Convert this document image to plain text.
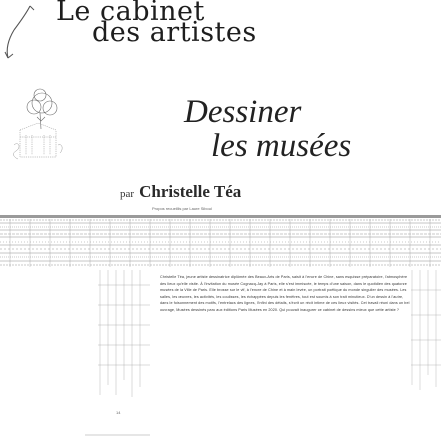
Le cabinet
des artistes
Dessiner
les musées
par Christelle Téa
Propos recueillis par Laure Siboul
Christelle Téa, jeune artiste dessinatrice diplômée des Beaux-Arts de Paris, saisit à l'encre de Chine, sans esquisse préparatoire, l'atmosphère des lieux qu'elle visite. À l'invitation du musée Cognacq-Jay à Paris, elle s'est immiscée, le temps d'une saison, dans le quotidien des quatorze musées de la Ville de Paris. Elle brosse sur le vif, à l'encre de Chine et à main levée, un portrait poétique du monde singulier des musées. Les salles, les œuvres, les activités, les coulisses, les échappées depuis les fenêtres, tout est soumis à son trait minutieux. D'un dessin à l'autre, dans le foisonnement des motifs, l'entrelacs des lignes, l'infini des détails, s'écrit un récit intime de ces lieux visités. Cet travail réuni dans un bel ouvrage, Musées dessinés paru aux éditions Paris Musées en 2020. Qui pouvait inaugurer ce cabinet de dessins mieux que cette artiste ?
14
